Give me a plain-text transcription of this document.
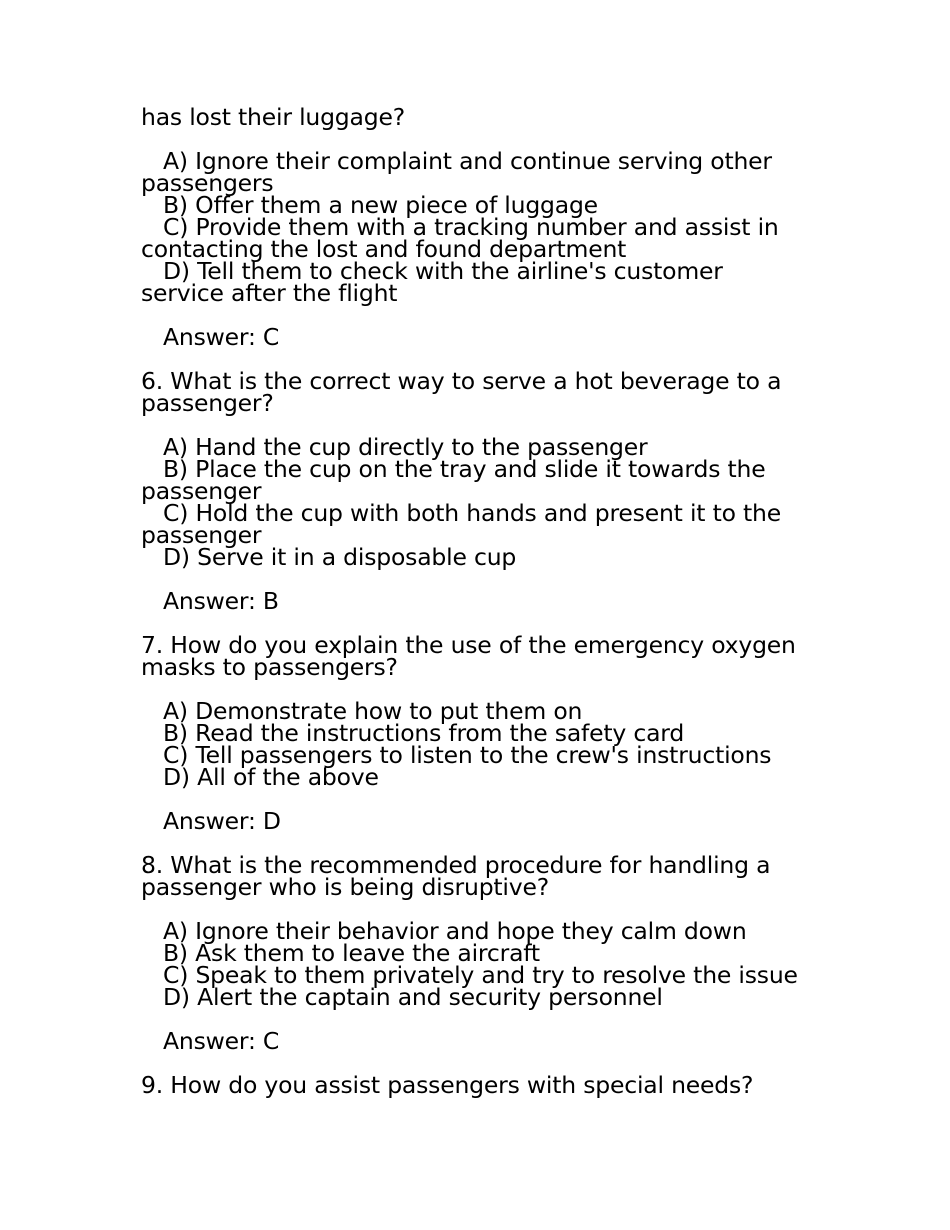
has lost their luggage?
A) Ignore their complaint and continue serving other
passengers
B) Offer them a new piece of luggage
C) Provide them with a tracking number and assist in
contacting the lost and found department
D) Tell them to check with the airline's customer
service after the flight
Answer: C
6. What is the correct way to serve a hot beverage to a
passenger?
A) Hand the cup directly to the passenger
B) Place the cup on the tray and slide it towards the
passenger
C) Hold the cup with both hands and present it to the
passenger
D) Serve it in a disposable cup
Answer: B
7. How do you explain the use of the emergency oxygen
masks to passengers?
A) Demonstrate how to put them on
B) Read the instructions from the safety card
C) Tell passengers to listen to the crew's instructions
D) All of the above
Answer: D
8. What is the recommended procedure for handling a
passenger who is being disruptive?
A) Ignore their behavior and hope they calm down
B) Ask them to leave the aircraft
C) Speak to them privately and try to resolve the issue
D) Alert the captain and security personnel
Answer: C
9. How do you assist passengers with special needs?
